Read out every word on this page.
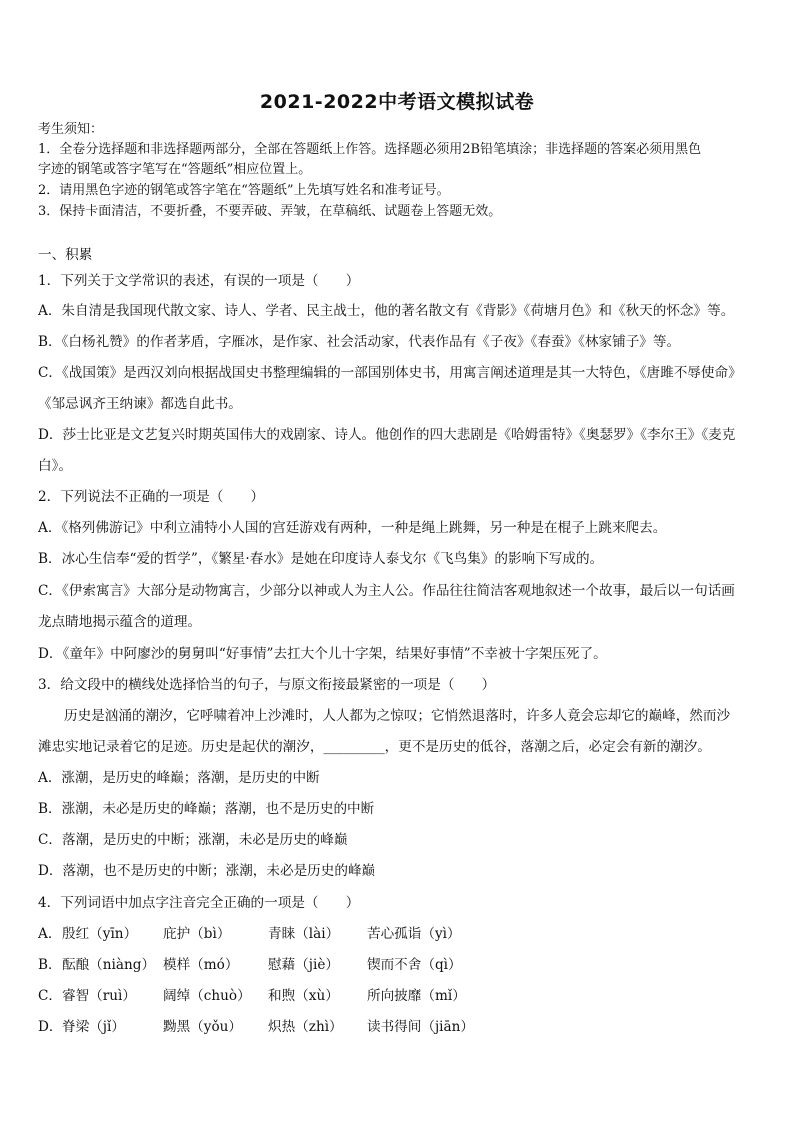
2021-2022中考语文模拟试卷
考生须知：
1．全卷分选择题和非选择题两部分，全部在答题纸上作答。选择题必须用2B铅笔填涂；非选择题的答案必须用黑色
字迹的钢笔或答字笔写在“答题纸”相应位置上。
2．请用黑色字迹的钢笔或答字笔在“答题纸”上先填写姓名和准考证号。
3．保持卡面清洁，不要折叠，不要弄破、弄皱，在草稿纸、试题卷上答题无效。
一、积累
1．下列关于文学常识的表述，有误的一项是（　　）
A．朱自清是我国现代散文家、诗人、学者、民主战士，他的著名散文有《背影》《荷塘月色》和《秋天的怀念》等。
B．《白杨礼赞》的作者茅盾，字雁冰，是作家、社会活动家，代表作品有《子夜》《春蚕》《林家铺子》等。
C．《战国策》是西汉刘向根据战国史书整理编辑的一部国别体史书，用寓言阐述道理是其一大特色，《唐雎不辱使命》
《邹忌讽齐王纳谏》都选自此书。
D．莎士比亚是文艺复兴时期英国伟大的戏剧家、诗人。他创作的四大悲剧是《哈姆雷特》《奥瑟罗》《李尔王》《麦克
白》。
2．下列说法不正确的一项是（　　）
A．《格列佛游记》中利立浦特小人国的宫廷游戏有两种，一种是绳上跳舞，另一种是在棍子上跳来爬去。
B．冰心生信奉“爱的哲学”，《繁星·春水》是她在印度诗人泰戈尔《飞鸟集》的影响下写成的。
C．《伊索寓言》大部分是动物寓言，少部分以神或人为主人公。作品往往简洁客观地叙述一个故事，最后以一句话画
龙点睛地揭示蕴含的道理。
D．《童年》中阿廖沙的舅舅叫“好事情”去扛大个儿十字架，结果好事情”不幸被十字架压死了。
3．给文段中的横线处选择恰当的句子，与原文衔接最紧密的一项是（　　）
历史是汹涌的潮汐，它呼啸着冲上沙滩时，人人都为之惊叹；它悄然退落时，许多人竟会忘却它的巅峰，然而沙
滩忠实地记录着它的足迹。历史是起伏的潮汐，_________，更不是历史的低谷，落潮之后，必定会有新的潮汐。
A．涨潮，是历史的峰巅；落潮，是历史的中断
B．涨潮，未必是历史的峰巅；落潮，也不是历史的中断
C．落潮，是历史的中断；涨潮，未必是历史的峰巅
D．落潮，也不是历史的中断；涨潮，未必是历史的峰巅
4．下列词语中加点字注音完全正确的一项是（　　）
A． 殷红（yīn） 庇护（bì）	青睐（lài） 苦心孤诣（yì）
B． 酝酿（niàng） 模样（mó） 慰藉（jiè） 锲而不舍（qì）
C． 睿智（ruì） 阔绰（chuò） 和煦（xù） 所向披靡（mǐ）
D． 脊梁（jǐ）	黝黑（yǒu） 炽热（zhì） 读书得间（jiān）
